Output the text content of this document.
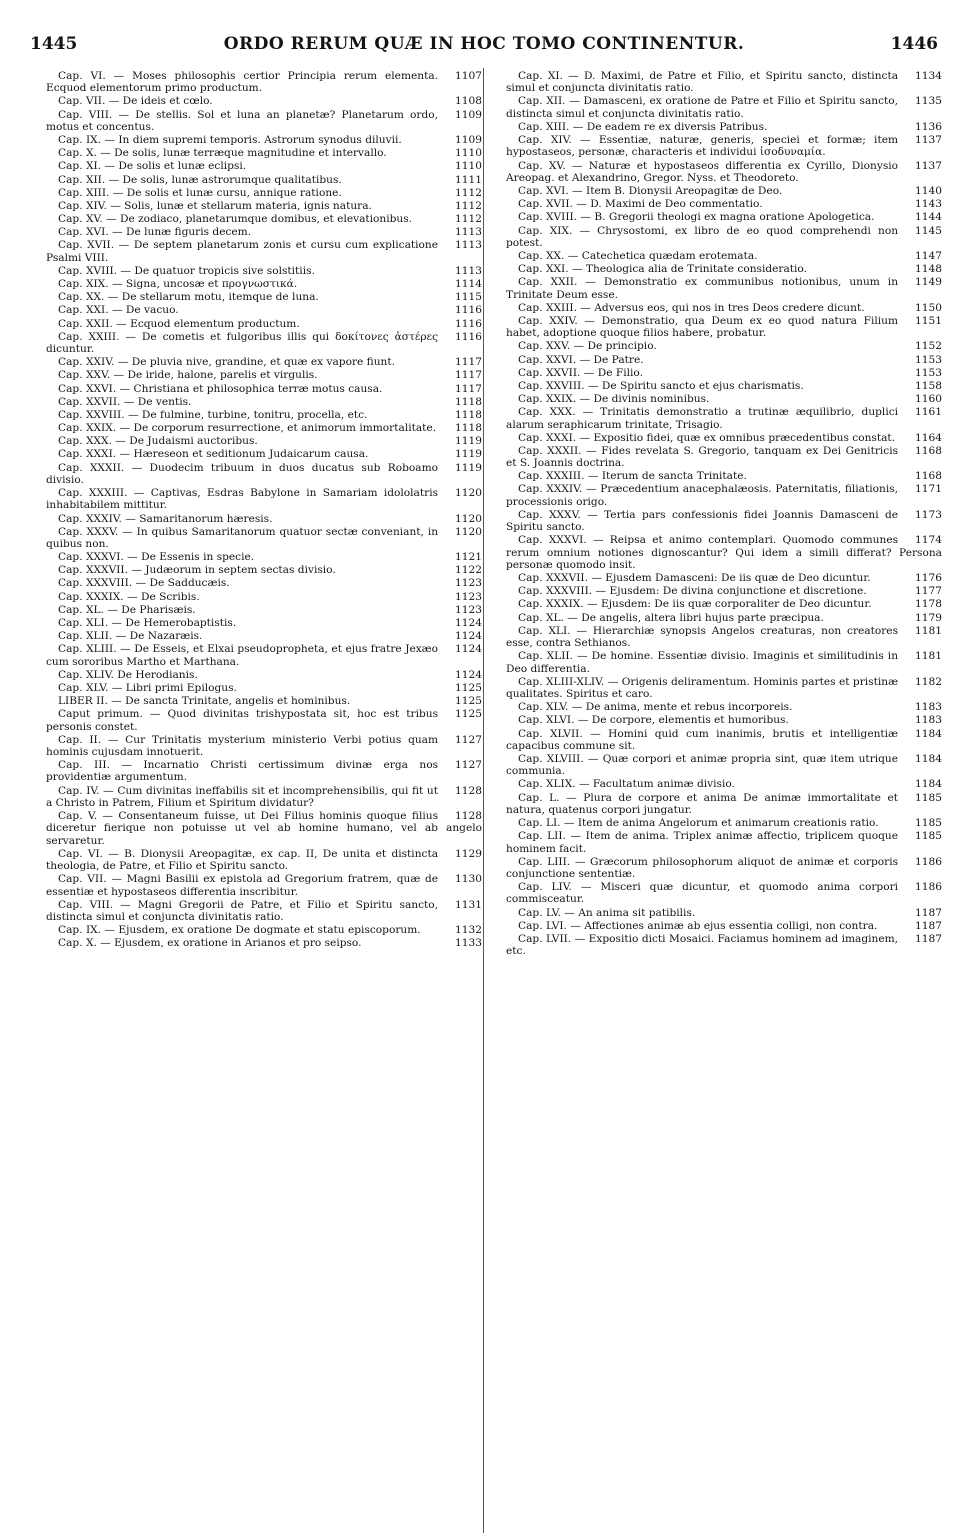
1445	ORDO RERUM QUÆ IN HOC TOMO CONTINENTUR.	1446

1107
Cap. VI. — Moses philosophis certior Principia rerum elementa. Ecquod elementorum primo productum.

1108
Cap. VII. — De ideis et cœlo.

1109
Cap. VIII. — De stellis. Sol et luna an planetæ? Planetarum ordo, motus et concentus.

1109
Cap. IX. — In diem supremi temporis. Astrorum synodus diluvii.

1110
Cap. X. — De solis, lunæ terræque magnitudine et intervallo.

1110
Cap. XI. — De solis et lunæ eclipsi.

1111
Cap. XII. — De solis, lunæ astrorumque qualitatibus.

1112
Cap. XIII. — De solis et lunæ cursu, annique ratione.

1112
Cap. XIV. — Solis, lunæ et stellarum materia, ignis natura.

1112
Cap. XV. — De zodiaco, planetarumque domibus, et elevationibus.

1113
Cap. XVI. — De lunæ figuris decem.

1113
Cap. XVII. — De septem planetarum zonis et cursu cum explicatione Psalmi VIII.

1113
Cap. XVIII. — De quatuor tropicis sive solstitiis.

1114
Cap. XIX. — Signa, uncosæ et προγνωστικά.

1115
Cap. XX. — De stellarum motu, itemque de luna.

1116
Cap. XXI. — De vacuo.

1116
Cap. XXII. — Ecquod elementum productum.

1116
Cap. XXIII. — De cometis et fulgoribus illis qui δοκίτονες ἀστέρες dicuntur.

1117
Cap. XXIV. — De pluvia nive, grandine, et quæ ex vapore fiunt.

1117
Cap. XXV. — De iride, halone, parelis et virgulis.

1117
Cap. XXVI. — Christiana et philosophica terræ motus causa.

1118
Cap. XXVII. — De ventis.

1118
Cap. XXVIII. — De fulmine, turbine, tonitru, procella, etc.

1118
Cap. XXIX. — De corporum resurrectione, et animorum immortalitate.

1119
Cap. XXX. — De Judaismi auctoribus.

1119
Cap. XXXI. — Hæreseon et seditionum Judaicarum causa.

1119
Cap. XXXII. — Duodecim tribuum in duos ducatus sub Roboamo divisio.

1120
Cap. XXXIII. — Captivas, Esdras Babylone in Samariam idololatris inhabitabilem mittitur.

1120
Cap. XXXIV. — Samaritanorum hæresis.

1120
Cap. XXXV. — In quibus Samaritanorum quatuor sectæ conveniant, in quibus non.

1121
Cap. XXXVI. — De Essenis in specie.

1122
Cap. XXXVII. — Judæorum in septem sectas divisio.

1123
Cap. XXXVIII. — De Sadducæis.

1123
Cap. XXXIX. — De Scribis.

1123
Cap. XL. — De Pharisæis.

1124
Cap. XLI. — De Hemerobaptistis.

1124
Cap. XLII. — De Nazaræis.

1124
Cap. XLIII. — De Esseis, et Elxai pseudopropheta, et ejus fratre Jexæo cum sororibus Martho et Marthana.

1124
Cap. XLIV. De Herodianis.

1125
Cap. XLV. — Libri primi Epilogus.

1125
LIBER II. — De sancta Trinitate, angelis et hominibus.

1125
Caput primum. — Quod divinitas trishypostata sit, hoc est tribus personis constet.

1127
Cap. II. — Cur Trinitatis mysterium ministerio Verbi potius quam hominis cujusdam innotuerit.

1127
Cap. III. — Incarnatio Christi certissimum divinæ erga nos providentiæ argumentum.

1128
Cap. IV. — Cum divinitas ineffabilis sit et incomprehensibilis, qui fit ut a Christo in Patrem, Filium et Spiritum dividatur?

1128
Cap. V. — Consentaneum fuisse, ut Dei Filius hominis quoque filius diceretur fierique non potuisse ut vel ab homine humano, vel ab angelo servaretur.

1129
Cap. VI. — B. Dionysii Areopagitæ, ex cap. II, De unita et distincta theologia, de Patre, et Filio et Spiritu sancto.

1130
Cap. VII. — Magni Basilii ex epistola ad Gregorium fratrem, quæ de essentiæ et hypostaseos differentia inscribitur.

1131
Cap. VIII. — Magni Gregorii de Patre, et Filio et Spiritu sancto, distincta simul et conjuncta divinitatis ratio.

1132
Cap. IX. — Ejusdem, ex oratione De dogmate et statu episcoporum.

1133
Cap. X. — Ejusdem, ex oratione in Arianos et pro seipso.

1134
Cap. XI. — D. Maximi, de Patre et Filio, et Spiritu sancto, distincta simul et conjuncta divinitatis ratio.

1135
Cap. XII. — Damasceni, ex oratione de Patre et Filio et Spiritu sancto, distincta simul et conjuncta divinitatis ratio.

1136
Cap. XIII. — De eadem re ex diversis Patribus.

1137
Cap. XIV. — Essentiæ, naturæ, generis, speciei et formæ; item hypostaseos, personæ, characteris et individui ἰσοδυναμία.

1137
Cap. XV. — Naturæ et hypostaseos differentia ex Cyrillo, Dionysio Areopag. et Alexandrino, Gregor. Nyss. et Theodoreto.

1140
Cap. XVI. — Item B. Dionysii Areopagitæ de Deo.

1143
Cap. XVII. — D. Maximi de Deo commentatio.

1144
Cap. XVIII. — B. Gregorii theologi ex magna oratione Apologetica.

1145
Cap. XIX. — Chrysostomi, ex libro de eo quod comprehendi non potest.

1147
Cap. XX. — Catechetica quædam erotemata.

1148
Cap. XXI. — Theologica alia de Trinitate consideratio.

1149
Cap. XXII. — Demonstratio ex communibus notionibus, unum in Trinitate Deum esse.

1150
Cap. XXIII. — Adversus eos, qui nos in tres Deos credere dicunt.

1151
Cap. XXIV. — Demonstratio, qua Deum ex eo quod natura Filium habet, adoptione quoque filios habere, probatur.

1152
Cap. XXV. — De principio.

1153
Cap. XXVI. — De Patre.

1153
Cap. XXVII. — De Filio.

1158
Cap. XXVIII. — De Spiritu sancto et ejus charismatis.

1160
Cap. XXIX. — De divinis nominibus.

1161
Cap. XXX. — Trinitatis demonstratio a trutinæ æquilibrio, duplici alarum seraphicarum trinitate, Trisagio.

1164
Cap. XXXI. — Expositio fidei, quæ ex omnibus præcedentibus constat.

1168
Cap. XXXII. — Fides revelata S. Gregorio, tanquam ex Dei Genitricis et S. Joannis doctrina.

1168
Cap. XXXIII. — Iterum de sancta Trinitate.

1171
Cap. XXXIV. — Præcedentium anacephalæosis. Paternitatis, filiationis, processionis origo.

1173
Cap. XXXV. — Tertia pars confessionis fidei Joannis Damasceni de Spiritu sancto.

1174
Cap. XXXVI. — Reipsa et animo contemplari. Quomodo communes rerum omnium notiones dignoscantur? Qui idem a simili differat? Persona personæ quomodo insit.

1176
Cap. XXXVII. — Ejusdem Damasceni: De iis quæ de Deo dicuntur.

1177
Cap. XXXVIII. — Ejusdem: De divina conjunctione et discretione.

1178
Cap. XXXIX. — Ejusdem: De iis quæ corporaliter de Deo dicuntur.

1179
Cap. XL. — De angelis, altera libri hujus parte præcipua.

1181
Cap. XLI. — Hierarchiæ synopsis Angelos creaturas, non creatores esse, contra Sethianos.

1181
Cap. XLII. — De homine. Essentiæ divisio. Imaginis et similitudinis in Deo differentia.

1182
Cap. XLIII-XLIV. — Origenis deliramentum. Hominis partes et pristinæ qualitates. Spiritus et caro.

1183
Cap. XLV. — De anima, mente et rebus incorporeis.

1183
Cap. XLVI. — De corpore, elementis et humoribus.

1184
Cap. XLVII. — Homini quid cum inanimis, brutis et intelligentiæ capacibus commune sit.

1184
Cap. XLVIII. — Quæ corpori et animæ propria sint, quæ item utrique communia.

1184
Cap. XLIX. — Facultatum animæ divisio.

1185
Cap. L. — Plura de corpore et anima De animæ immortalitate et natura, quatenus corpori jungatur.

1185
Cap. LI. — Item de anima Angelorum et animarum creationis ratio.

1185
Cap. LII. — Item de anima. Triplex animæ affectio, triplicem quoque hominem facit.

1186
Cap. LIII. — Græcorum philosophorum aliquot de animæ et corporis conjunctione sententiæ.

1186
Cap. LIV. — Misceri quæ dicuntur, et quomodo anima corpori commisceatur.

1187
Cap. LV. — An anima sit patibilis.

1187
Cap. LVI. — Affectiones animæ ab ejus essentia colligi, non contra.

1187
Cap. LVII. — Expositio dicti Mosaici. Faciamus hominem ad imaginem, etc.
